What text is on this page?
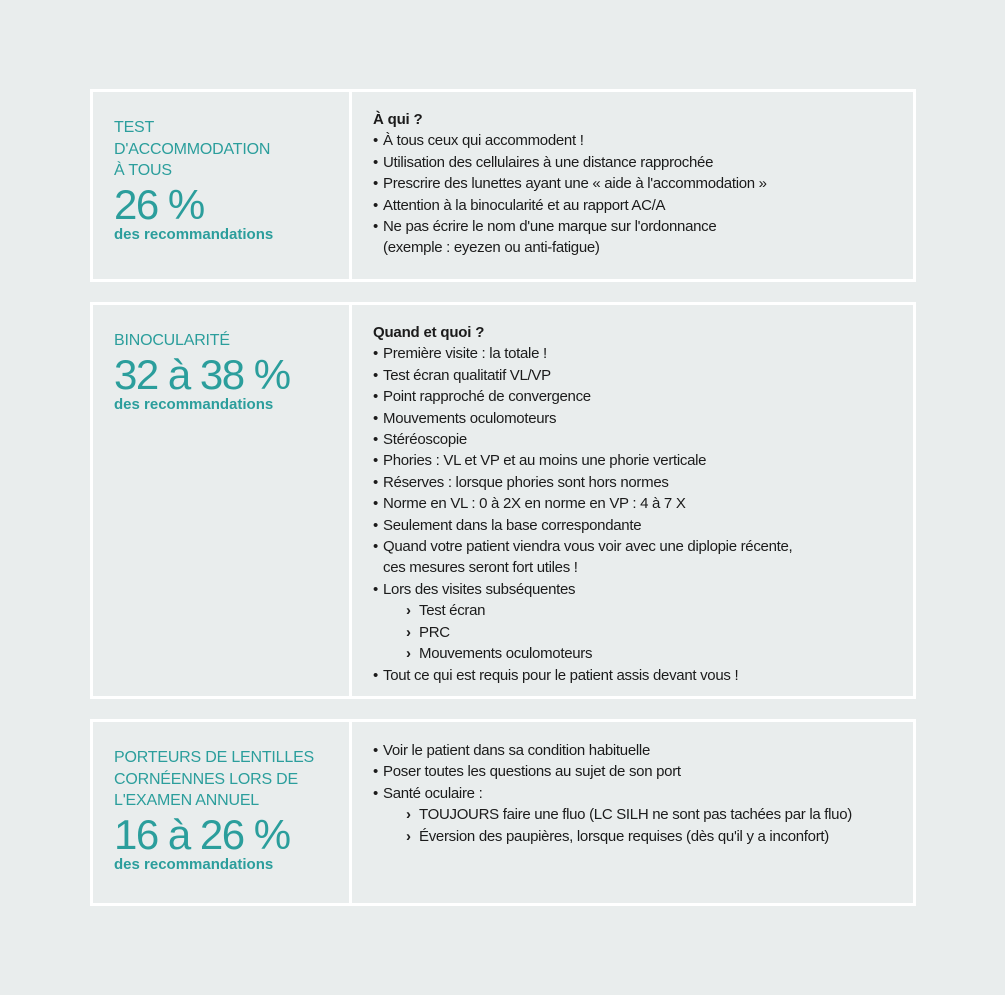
TEST
D'ACCOMMODATION
À TOUS
26 %
des recommandations
À qui ?
• À tous ceux qui accommodent !
• Utilisation des cellulaires à une distance rapprochée
• Prescrire des lunettes ayant une « aide à l'accommodation »
• Attention à la binocularité et au rapport AC/A
• Ne pas écrire le nom d'une marque sur l'ordonnance
(exemple : eyezen ou anti-fatigue)
BINOCULARITÉ
32 à 38 %
des recommandations
Quand et quoi ?
• Première visite : la totale !
• Test écran qualitatif VL/VP
• Point rapproché de convergence
• Mouvements oculomoteurs
• Stéréoscopie
• Phories : VL et VP et au moins une phorie verticale
• Réserves : lorsque phories sont hors normes
• Norme en VL : 0 à 2X en norme en VP : 4 à 7 X
• Seulement dans la base correspondante
• Quand votre patient viendra vous voir avec une diplopie récente,
ces mesures seront fort utiles !
• Lors des visites subséquentes
› Test écran
› PRC
› Mouvements oculomoteurs
• Tout ce qui est requis pour le patient assis devant vous !
PORTEURS DE LENTILLES
CORNÉENNES LORS DE
L'EXAMEN ANNUEL
16 à 26 %
des recommandations
• Voir le patient dans sa condition habituelle
• Poser toutes les questions au sujet de son port
• Santé oculaire :
› TOUJOURS faire une fluo (LC SILH ne sont pas tachées par la fluo)
› Éversion des paupières, lorsque requises (dès qu'il y a inconfort)
